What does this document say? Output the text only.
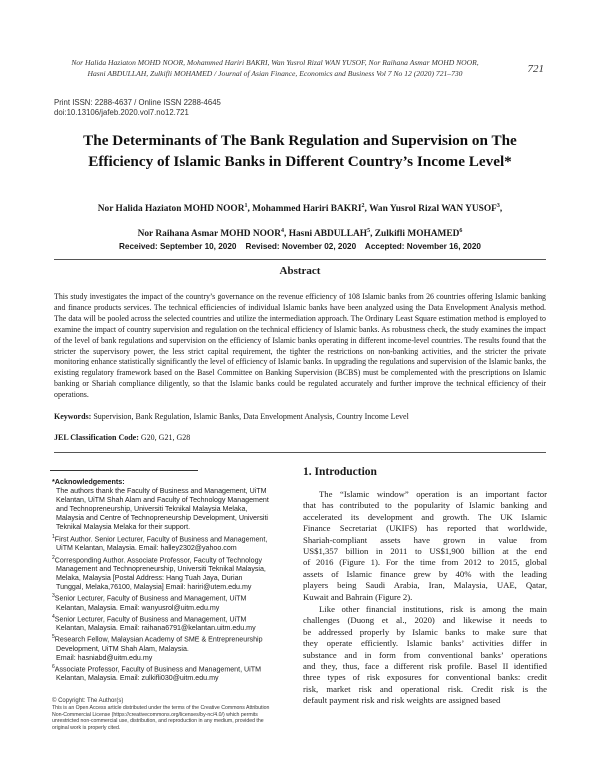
Nor Halida Haziaton MOHD NOOR, Mohammed Hariri BAKRI, Wan Yusrol Rizal WAN YUSOF, Nor Raihana Asmar MOHD NOOR,
Hasni ABDULLAH, Zulkifli MOHAMED / Journal of Asian Finance, Economics and Business Vol 7 No 12 (2020) 721–730	721
Print ISSN: 2288-4637 / Online ISSN 2288-4645
doi:10.13106/jafeb.2020.vol7.no12.721
The Determinants of The Bank Regulation and Supervision on The
Efficiency of Islamic Banks in Different Country’s Income Level*
Nor Halida Haziaton MOHD NOOR$^1$, Mohammed Hariri BAKRI$^2$, Wan Yusrol Rizal WAN YUSOF$^3$,
Nor Raihana Asmar MOHD NOOR$^4$, Hasni ABDULLAH$^5$, Zulkifli MOHAMED$^6$
Received: September 10, 2020    Revised: November 02, 2020    Accepted: November 16, 2020
Abstract
This study investigates the impact of the country’s governance on the revenue efficiency of 108 Islamic banks from 26 countries offering Islamic banking and finance products services. The technical efficiencies of individual Islamic banks have been analyzed using the Data Envelopment Analysis method. The data will be pooled across the selected countries and utilize the intermediation approach. The Ordinary Least Square estimation method is employed to examine the impact of country supervision and regulation on the technical efficiency of Islamic banks. As robustness check, the study examines the impact of the level of bank regulations and supervision on the efficiency of Islamic banks operating in different income-level countries. The results found that the stricter the supervisory power, the less strict capital requirement, the tighter the restrictions on non-banking activities, and the stricter the private monitoring enhance statistically significantly the level of efficiency of Islamic banks. In upgrading the regulations and supervision of the Islamic banks, the existing regulatory framework based on the Basel Committee on Banking Supervision (BCBS) must be complemented with the prescriptions on Islamic banking or Shariah compliance diligently, so that the Islamic banks could be regulated accurately and further improve the technical efficiency of their operations.
Keywords: Supervision, Bank Regulation, Islamic Banks, Data Envelopment Analysis, Country Income Level
JEL Classification Code: G20, G21, G28
*Acknowledgements:
The authors thank the Faculty of Business and Management, UiTM
Kelantan, UiTM Shah Alam and Faculty of Technology Management
and Technopreneurship, Universiti Teknikal Malaysia Melaka,
Malaysia and Centre of Technopreneurship Development, Universiti
Teknikal Malaysia Melaka for their support.
$^1$First Author. Senior Lecturer, Faculty of Business and Management,
UiTM Kelantan, Malaysia. Email: halley2302@yahoo.com
$^2$Corresponding Author. Associate Professor, Faculty of Technology
Management and Technopreneurship, Universiti Teknikal Malaysia,
Melaka, Malaysia [Postal Address: Hang Tuah Jaya, Durian
Tunggal, Melaka,76100, Malaysia] Email: hariri@utem.edu.my
$^3$Senior Lecturer, Faculty of Business and Management, UiTM
Kelantan, Malaysia. Email: wanyusrol@uitm.edu.my
$^4$Senior Lecturer, Faculty of Business and Management, UiTM
Kelantan, Malaysia. Email: raihana6791@kelantan.uitm.edu.my
$^5$Research Fellow, Malaysian Academy of SME & Entrepreneurship
Development, UiTM Shah Alam, Malaysia.
Email: hasniabd@uitm.edu.my
$^6$Associate Professor, Faculty of Business and Management, UiTM
Kelantan, Malaysia. Email: zulkifli030@uitm.edu.my
© Copyright: The Author(s)
This is an Open Access article distributed under the terms of the Creative Commons Attribution
Non-Commercial License (https://creativecommons.org/licenses/by-nc/4.0/) which permits
unrestricted non-commercial use, distribution, and reproduction in any medium, provided the
original work is properly cited.
1. Introduction
The “Islamic window” operation is an important factor
that has contributed to the popularity of Islamic banking and
accelerated its development and growth. The UK Islamic
Finance Secretariat (UKIFS) has reported that worldwide,
Shariah-compliant assets have grown in value from
US$1,357 billion in 2011 to US$1,900 billion at the end
of 2016 (Figure 1). For the time from 2012 to 2015, global
assets of Islamic finance grew by 40% with the leading
players being Saudi Arabia, Iran, Malaysia, UAE, Qatar,
Kuwait and Bahrain (Figure 2).
Like other financial institutions, risk is among the main
challenges (Duong et al., 2020) and likewise it needs to
be addressed properly by Islamic banks to make sure that
they operate efficiently. Islamic banks’ activities differ in
substance and in form from conventional banks’ operations
and they, thus, face a different risk profile. Basel II identified
three types of risk exposures for conventional banks: credit
risk, market risk and operational risk. Credit risk is the
default payment risk and risk weights are assigned based
